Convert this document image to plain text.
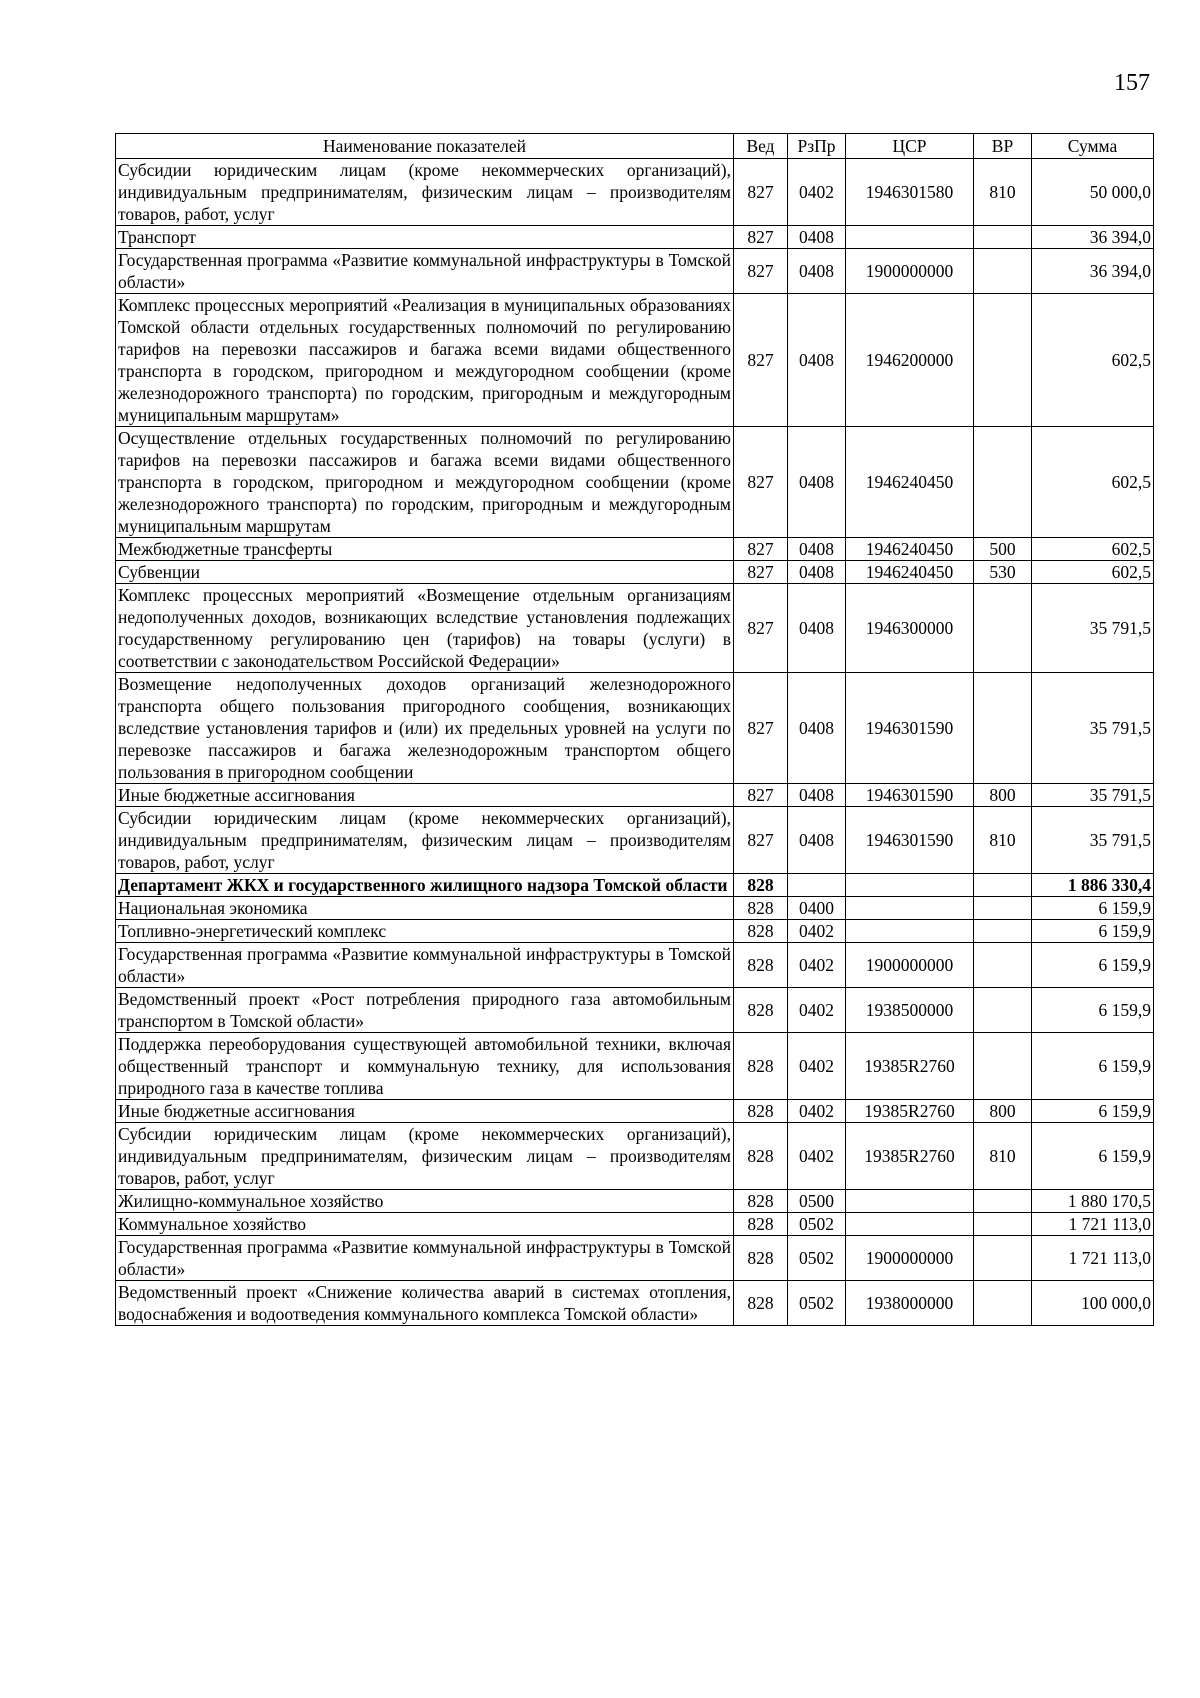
157
Наименование показателей	Вед	РзПр	ЦСР	ВР	Сумма
Субсидии юридическим лицам (кроме некоммерческих организаций), индивидуальным предпринимателям, физическим лицам – производителям товаров, работ, услуг	827	0402	1946301580	810	50 000,0
Транспорт	827	0408			36 394,0
Государственная программа «Развитие коммунальной инфраструктуры в Томской области»	827	0408	1900000000		36 394,0
Комплекс процессных мероприятий «Реализация в муниципальных образованиях Томской области отдельных государственных полномочий по регулированию тарифов на перевозки пассажиров и багажа всеми видами общественного транспорта в городском, пригородном и междугородном сообщении (кроме железнодорожного транспорта) по городским, пригородным и междугородным муниципальным маршрутам»	827	0408	1946200000		602,5
Осуществление отдельных государственных полномочий по регулированию тарифов на перевозки пассажиров и багажа всеми видами общественного транспорта в городском, пригородном и междугородном сообщении (кроме железнодорожного транспорта) по городским, пригородным и междугородным муниципальным маршрутам	827	0408	1946240450		602,5
Межбюджетные трансферты	827	0408	1946240450	500	602,5
Субвенции	827	0408	1946240450	530	602,5
Комплекс процессных мероприятий «Возмещение отдельным организациям недополученных доходов, возникающих вследствие установления подлежащих государственному регулированию цен (тарифов) на товары (услуги) в соответствии с законодательством Российской Федерации»	827	0408	1946300000		35 791,5
Возмещение недополученных доходов организаций железнодорожного транспорта общего пользования пригородного сообщения, возникающих вследствие установления тарифов и (или) их предельных уровней на услуги по перевозке пассажиров и багажа железнодорожным транспортом общего пользования в пригородном сообщении	827	0408	1946301590		35 791,5
Иные бюджетные ассигнования	827	0408	1946301590	800	35 791,5
Субсидии юридическим лицам (кроме некоммерческих организаций), индивидуальным предпринимателям, физическим лицам – производителям товаров, работ, услуг	827	0408	1946301590	810	35 791,5
Департамент ЖКХ и государственного жилищного надзора Томской области	828				1 886 330,4
Национальная экономика	828	0400			6 159,9
Топливно-энергетический комплекс	828	0402			6 159,9
Государственная программа «Развитие коммунальной инфраструктуры в Томской области»	828	0402	1900000000		6 159,9
Ведомственный проект «Рост потребления природного газа автомобильным транспортом в Томской области»	828	0402	1938500000		6 159,9
Поддержка переоборудования существующей автомобильной техники, включая общественный транспорт и коммунальную технику, для использования природного газа в качестве топлива	828	0402	19385R2760		6 159,9
Иные бюджетные ассигнования	828	0402	19385R2760	800	6 159,9
Субсидии юридическим лицам (кроме некоммерческих организаций), индивидуальным предпринимателям, физическим лицам – производителям товаров, работ, услуг	828	0402	19385R2760	810	6 159,9
Жилищно-коммунальное хозяйство	828	0500			1 880 170,5
Коммунальное хозяйство	828	0502			1 721 113,0
Государственная программа «Развитие коммунальной инфраструктуры в Томской области»	828	0502	1900000000		1 721 113,0
Ведомственный проект «Снижение количества аварий в системах отопления, водоснабжения и водоотведения коммунального комплекса Томской области»	828	0502	1938000000		100 000,0
